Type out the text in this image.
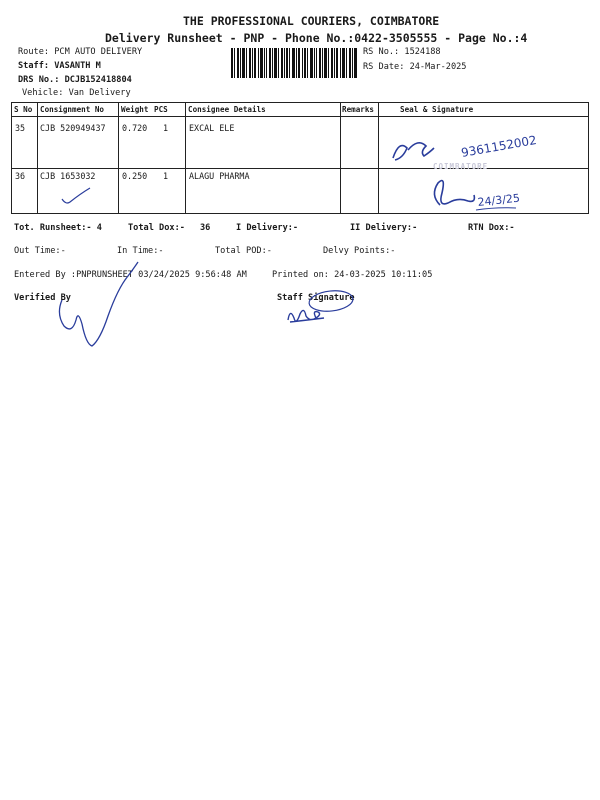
THE PROFESSIONAL COURIERS, COIMBATORE
Delivery Runsheet - PNP - Phone No.:0422-3505555 - Page No.:4
Route: PCM AUTO DELIVERY
Staff: VASANTH M
DRS No.: DCJB152418804
Vehicle: Van Delivery
RS No.: 1524188
RS Date: 24-Mar-2025
S No Consignment No Weight PCS	Consignee Details	Remarks	Seal & Signature
35 CJB 520949437 0.720 1 EXCAL ELE
36 CJB 1653032	0.250 1 ALAGU PHARMA
COIMBATORE
9361152002
24/3/25
Tot. Runsheet:- 4	Total Dox:- 36	I Delivery:-	II Delivery:-	RTN Dox:-
Out Time:-	In Time:-	Total POD:-	Delvy Points:-
Entered By :PNPRUNSHEET 03/24/2025 9:56:48 AM	Printed on: 24-03-2025 10:11:05
Verified By	Staff Signature
